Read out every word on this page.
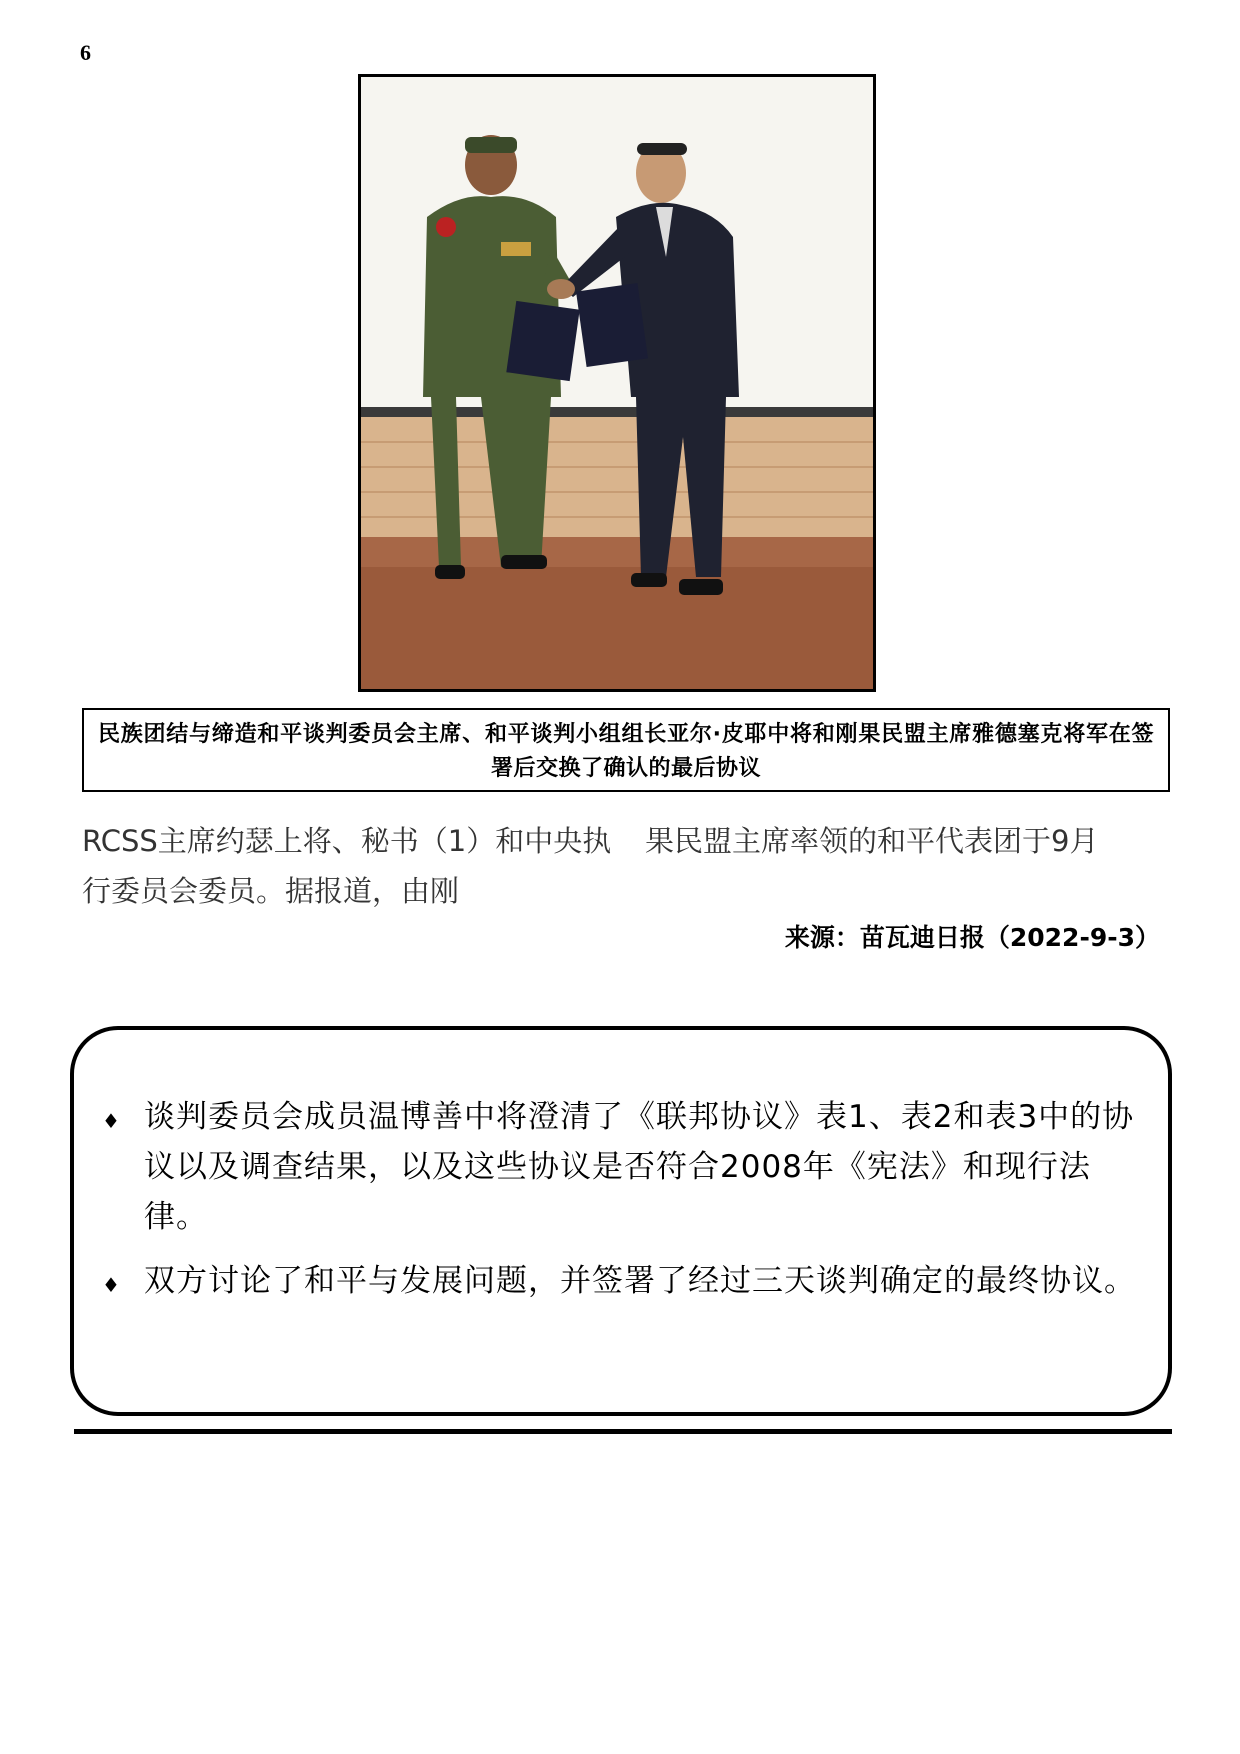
6
民族团结与缔造和平谈判委员会主席、和平谈判小组组长亚尔·皮耶中将和刚果民盟主席雅德塞克将军在签署后交换了确认的最后协议
RCSS主席约瑟上将、秘书（1）和中央执行委员会委员。据报道，由刚
果民盟主席率领的和平代表团于9月
来源：苗瓦迪日报（2022-9-3）
♦ 谈判委员会成员温博善中将澄清了《联邦协议》表1、表2和表3中的协议以及调查结果，以及这些协议是否符合2008年《宪法》和现行法律。
♦ 双方讨论了和平与发展问题，并签署了经过三天谈判确定的最终协议。
